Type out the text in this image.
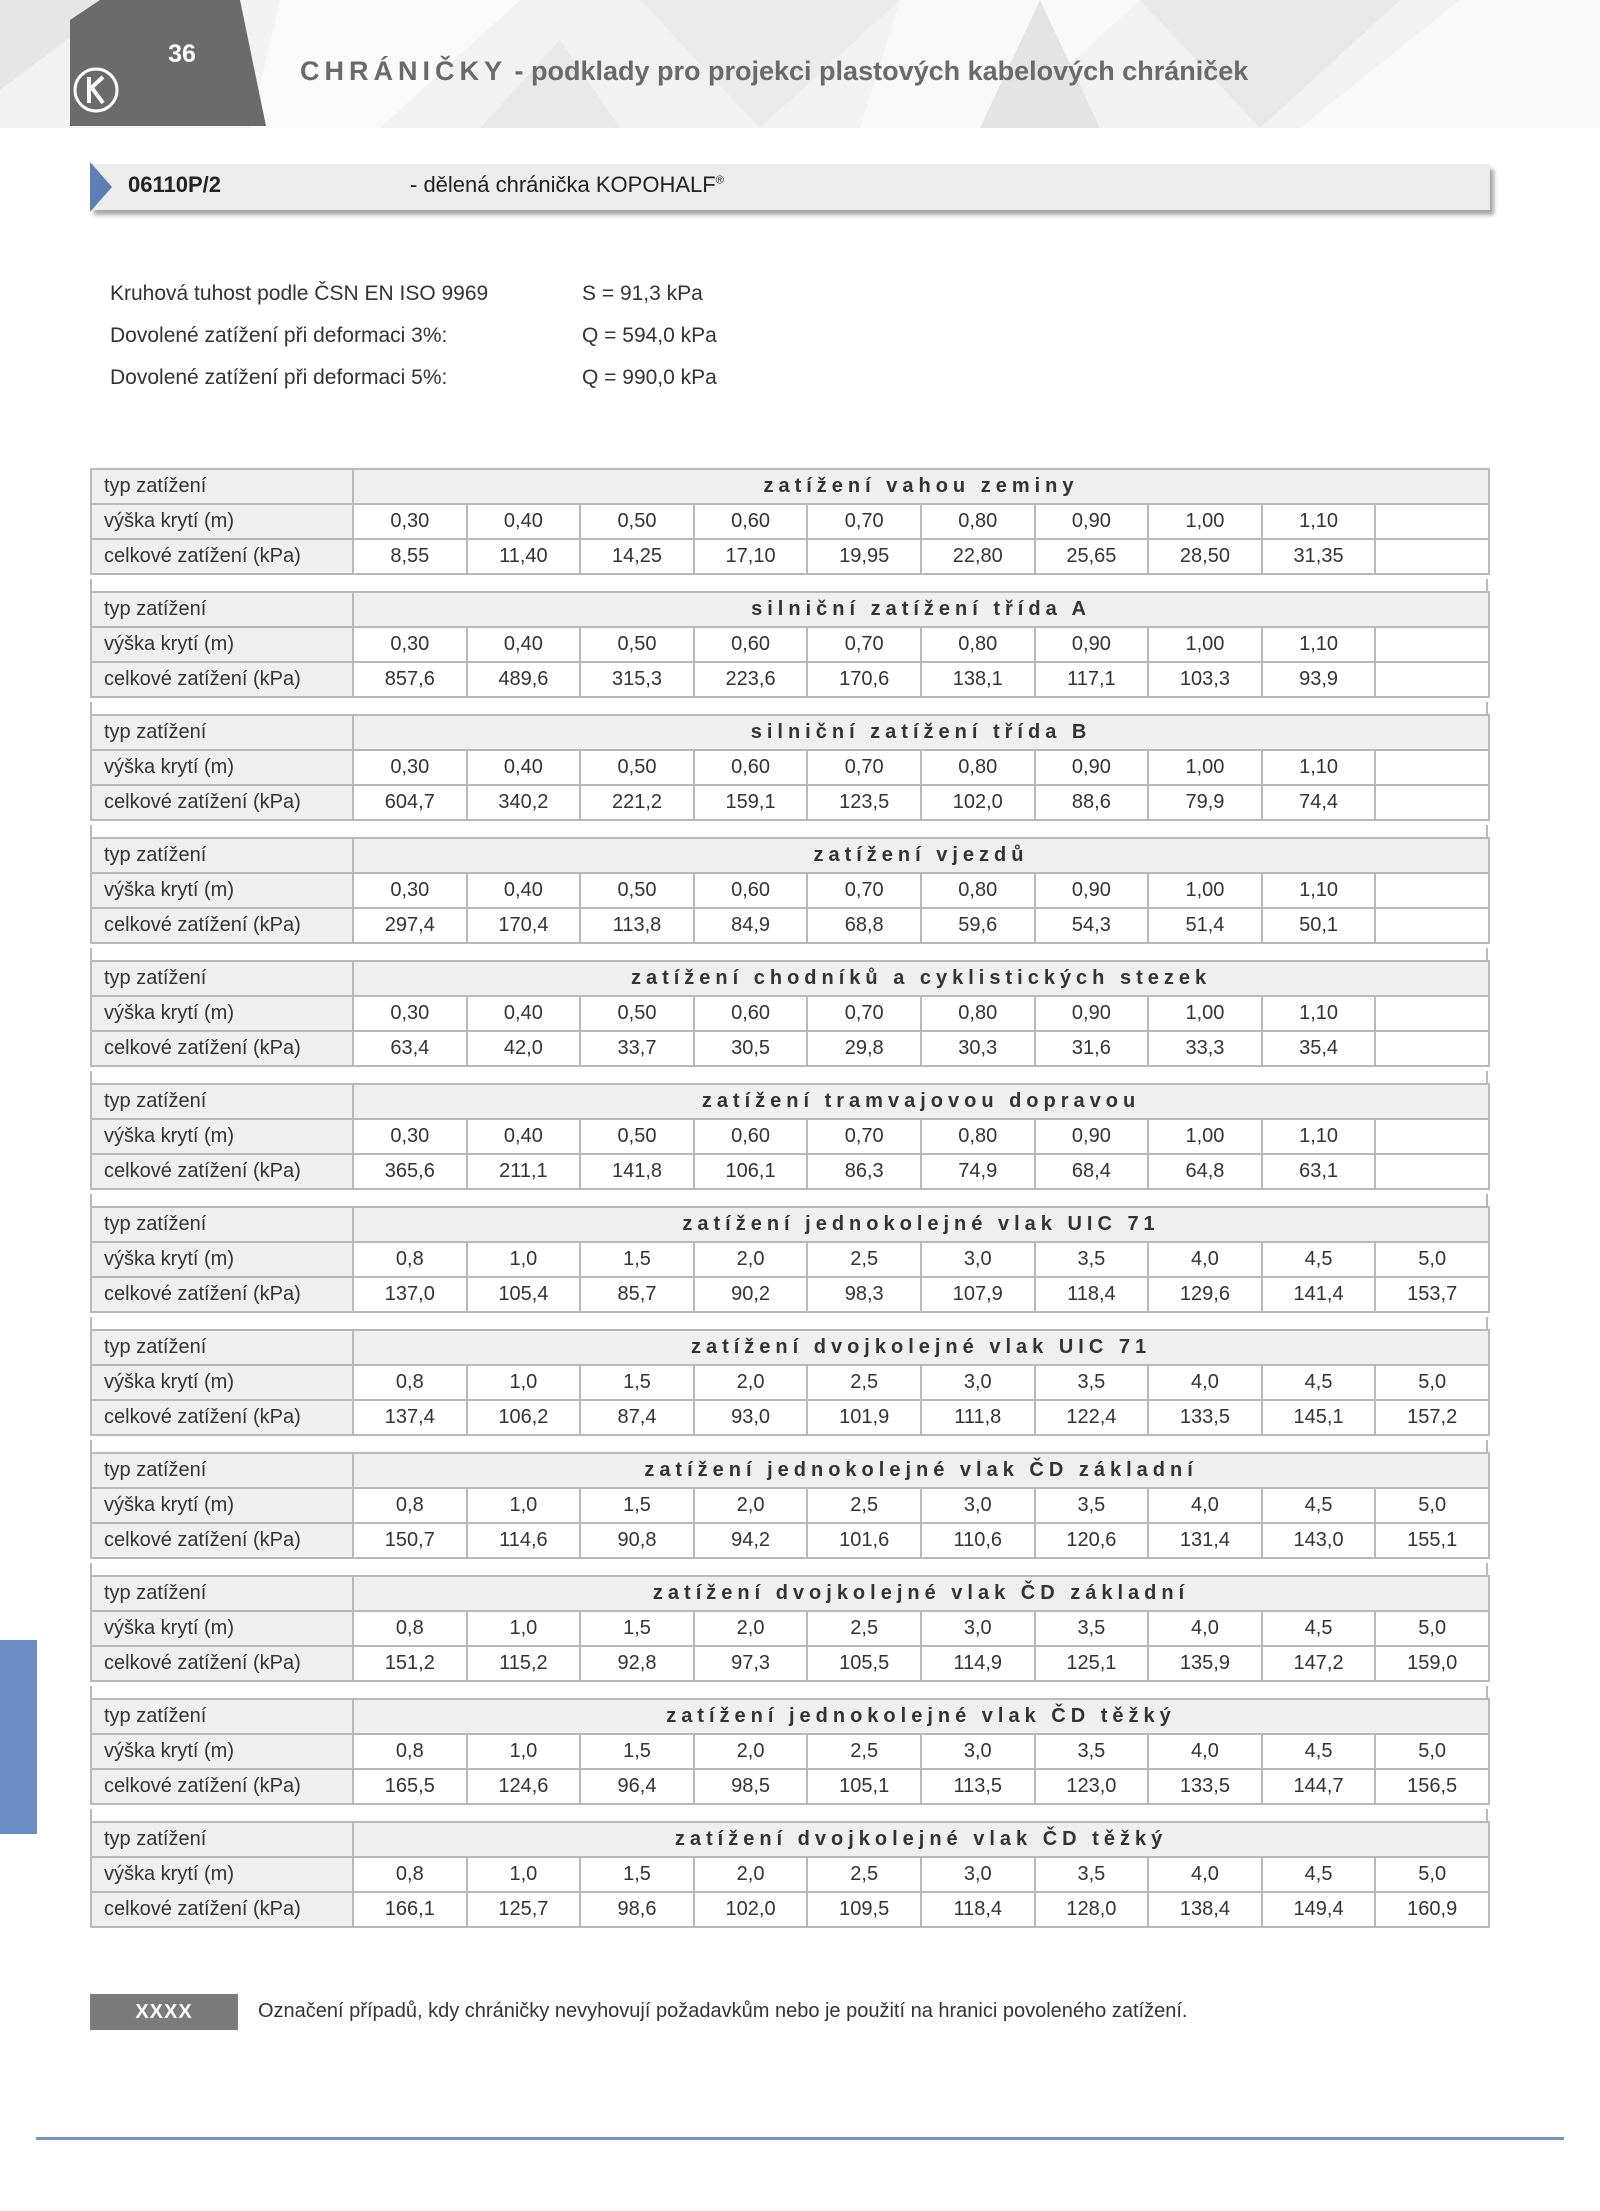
36
CHRÁNIČKY - podklady pro projekci plastových kabelových chrániček
06110P/2	- dělená chránička KOPOHALF®
Kruhová tuhost podle ČSN EN ISO 9969	S = 91,3 kPa
Dovolené zatížení při deformaci 3%:	Q = 594,0 kPa
Dovolené zatížení při deformaci 5%:	Q = 990,0 kPa
typ zatížení	zatížení vahou zeminy									
výška krytí (m)	0,30	0,40	0,50	0,60	0,70	0,80	0,90	1,00	1,10	
celkové zatížení (kPa)	8,55	11,40	14,25	17,10	19,95	22,80	25,65	28,50	31,35	
typ zatížení	silniční zatížení třída A									
výška krytí (m)	0,30	0,40	0,50	0,60	0,70	0,80	0,90	1,00	1,10	
celkové zatížení (kPa)	857,6	489,6	315,3	223,6	170,6	138,1	117,1	103,3	93,9	
typ zatížení	silniční zatížení třída B									
výška krytí (m)	0,30	0,40	0,50	0,60	0,70	0,80	0,90	1,00	1,10	
celkové zatížení (kPa)	604,7	340,2	221,2	159,1	123,5	102,0	88,6	79,9	74,4	
typ zatížení	zatížení vjezdů									
výška krytí (m)	0,30	0,40	0,50	0,60	0,70	0,80	0,90	1,00	1,10	
celkové zatížení (kPa)	297,4	170,4	113,8	84,9	68,8	59,6	54,3	51,4	50,1	
typ zatížení	zatížení chodníků a cyklistických stezek									
výška krytí (m)	0,30	0,40	0,50	0,60	0,70	0,80	0,90	1,00	1,10	
celkové zatížení (kPa)	63,4	42,0	33,7	30,5	29,8	30,3	31,6	33,3	35,4	
typ zatížení	zatížení tramvajovou dopravou									
výška krytí (m)	0,30	0,40	0,50	0,60	0,70	0,80	0,90	1,00	1,10	
celkové zatížení (kPa)	365,6	211,1	141,8	106,1	86,3	74,9	68,4	64,8	63,1	
typ zatížení	zatížení jednokolejné vlak UIC 71									
výška krytí (m)	0,8	1,0	1,5	2,0	2,5	3,0	3,5	4,0	4,5	5,0
celkové zatížení (kPa)	137,0	105,4	85,7	90,2	98,3	107,9	118,4	129,6	141,4	153,7
typ zatížení	zatížení dvojkolejné vlak UIC 71									
výška krytí (m)	0,8	1,0	1,5	2,0	2,5	3,0	3,5	4,0	4,5	5,0
celkové zatížení (kPa)	137,4	106,2	87,4	93,0	101,9	111,8	122,4	133,5	145,1	157,2
typ zatížení	zatížení jednokolejné vlak ČD základní									
výška krytí (m)	0,8	1,0	1,5	2,0	2,5	3,0	3,5	4,0	4,5	5,0
celkové zatížení (kPa)	150,7	114,6	90,8	94,2	101,6	110,6	120,6	131,4	143,0	155,1
typ zatížení	zatížení dvojkolejné vlak ČD základní									
výška krytí (m)	0,8	1,0	1,5	2,0	2,5	3,0	3,5	4,0	4,5	5,0
celkové zatížení (kPa)	151,2	115,2	92,8	97,3	105,5	114,9	125,1	135,9	147,2	159,0
typ zatížení	zatížení jednokolejné vlak ČD těžký									
výška krytí (m)	0,8	1,0	1,5	2,0	2,5	3,0	3,5	4,0	4,5	5,0
celkové zatížení (kPa)	165,5	124,6	96,4	98,5	105,1	113,5	123,0	133,5	144,7	156,5
typ zatížení	zatížení dvojkolejné vlak ČD těžký									
výška krytí (m)	0,8	1,0	1,5	2,0	2,5	3,0	3,5	4,0	4,5	5,0
celkové zatížení (kPa)	166,1	125,7	98,6	102,0	109,5	118,4	128,0	138,4	149,4	160,9
XXXX	Označení případů, kdy chráničky nevyhovují požadavkům nebo je použití na hranici povoleného zatížení.
